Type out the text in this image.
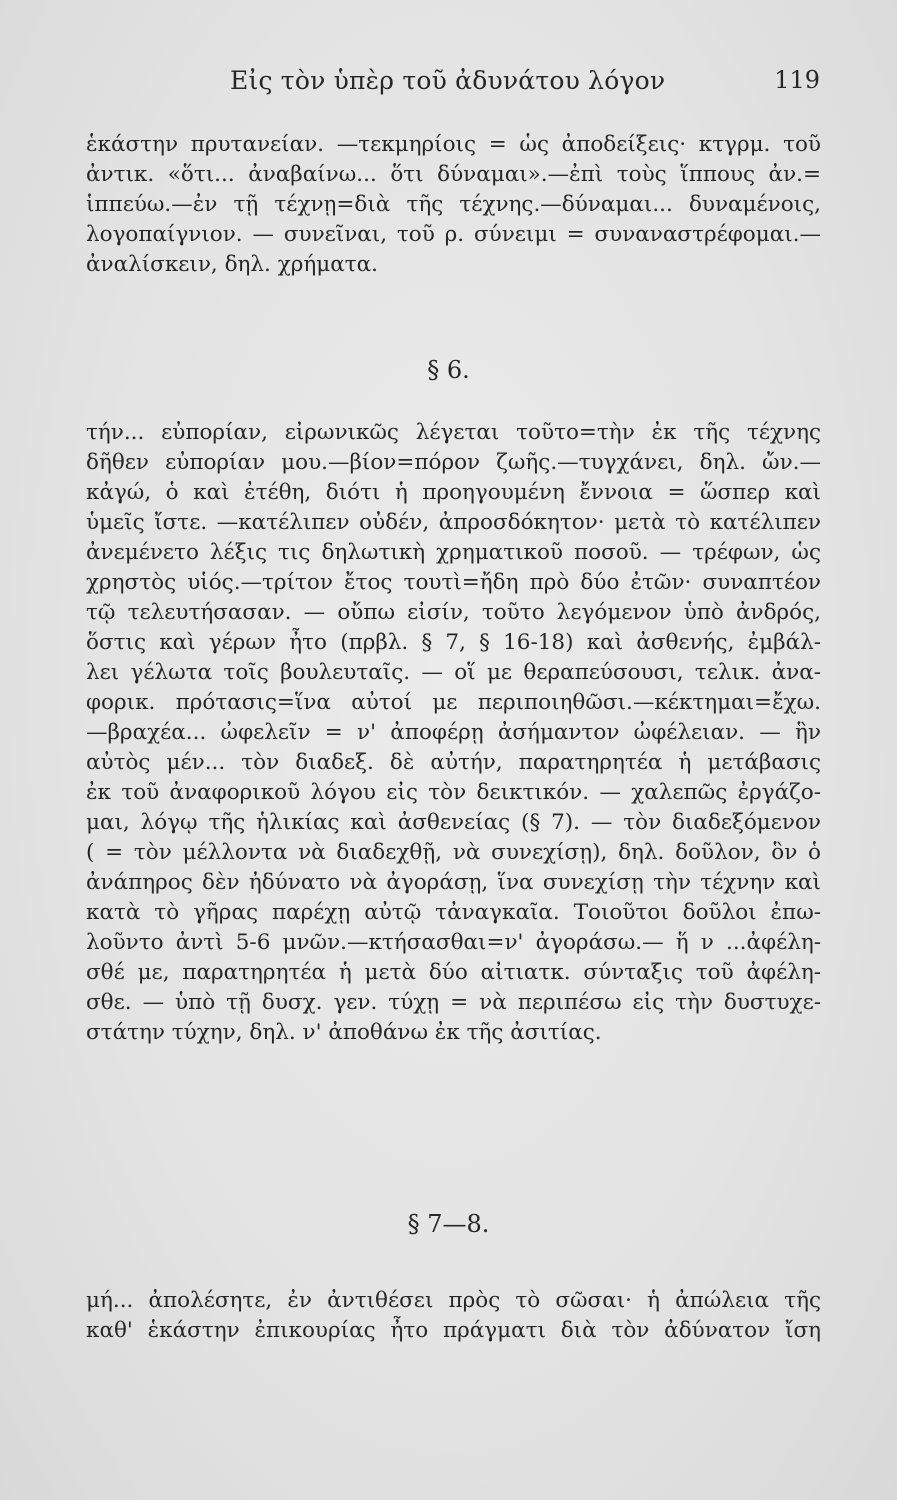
Εἰς τὸν ὑπὲρ τοῦ ἀδυνάτου λόγον	119
ἑκάστην πρυτανείαν. —τεκμηρίοις = ὡς ἀποδείξεις· κτγρμ. τοῦ
ἀντικ. «ὅτι... ἀναβαίνω... ὅτι δύναμαι».—ἐπὶ τοὺς ἵππους ἀν.=
ἱππεύω.—ἐν τῇ τέχνῃ=διὰ τῆς τέχνης.—δύναμαι... δυναμένοις,
λογοπαίγνιον. — συνεῖναι, τοῦ ρ. σύνειμι = συναναστρέφομαι.—
ἀναλίσκειν, δηλ. χρήματα.
§ 6.
τήν... εὐπορίαν, εἰρωνικῶς λέγεται τοῦτο=τὴν ἐκ τῆς τέχνης
δῆθεν εὐπορίαν μου.—βίον=πόρον ζωῆς.—τυγχάνει, δηλ. ὤν.—
κἀγώ, ὁ καὶ ἐτέθη, διότι ἡ προηγουμένη ἔννοια = ὥσπερ καὶ
ὑμεῖς ἴστε. —κατέλιπεν οὐδέν, ἀπροσδόκητον· μετὰ τὸ κατέλιπεν
ἀνεμένετο λέξις τις δηλωτικὴ χρηματικοῦ ποσοῦ. — τρέφων, ὡς
χρηστὸς υἱός.—τρίτον ἔτος τουτὶ=ἤδη πρὸ δύο ἐτῶν· συναπτέον
τῷ τελευτήσασαν. — οὔπω εἰσίν, τοῦτο λεγόμενον ὑπὸ ἀνδρός,
ὅστις καὶ γέρων ἦτο (πρβλ. § 7, § 16-18) καὶ ἀσθενής, ἐμβάλ-
λει γέλωτα τοῖς βουλευταῖς. — οἵ με θεραπεύσουσι, τελικ. ἀνα-
φορικ. πρότασις=ἵνα αὐτοί με περιποιηθῶσι.—κέκτημαι=ἔχω.
—βραχέα... ὠφελεῖν = ν' ἀποφέρῃ ἀσήμαντον ὠφέλειαν. — ἣν
αὐτὸς μέν... τὸν διαδεξ. δὲ αὐτήν, παρατηρητέα ἡ μετάβασις
ἐκ τοῦ ἀναφορικοῦ λόγου εἰς τὸν δεικτικόν. — χαλεπῶς ἐργάζο-
μαι, λόγῳ τῆς ἡλικίας καὶ ἀσθενείας (§ 7). — τὸν διαδεξόμενον
( = τὸν μέλλοντα νὰ διαδεχθῇ, νὰ συνεχίσῃ), δηλ. δοῦλον, ὃν ὁ
ἀνάπηρος δὲν ἠδύνατο νὰ ἀγοράσῃ, ἵνα συνεχίσῃ τὴν τέχνην καὶ
κατὰ τὸ γῆρας παρέχῃ αὐτῷ τἀναγκαῖα. Τοιοῦτοι δοῦλοι ἐπω-
λοῦντο ἀντὶ 5-6 μνῶν.—κτήσασθαι=ν' ἀγοράσω.— ἥ ν ...ἀφέλη-
σθέ με, παρατηρητέα ἡ μετὰ δύο αἰτιατκ. σύνταξις τοῦ ἀφέλη-
σθε. — ὑπὸ τῇ δυσχ. γεν. τύχῃ = νὰ περιπέσω εἰς τὴν δυστυχε-
στάτην τύχην, δηλ. ν' ἀποθάνω ἐκ τῆς ἀσιτίας.
§ 7—8.
μή... ἀπολέσητε, ἐν ἀντιθέσει πρὸς τὸ σῶσαι· ἡ ἀπώλεια τῆς
καθ' ἑκάστην ἐπικουρίας ἦτο πράγματι διὰ τὸν ἀδύνατον ἴση
